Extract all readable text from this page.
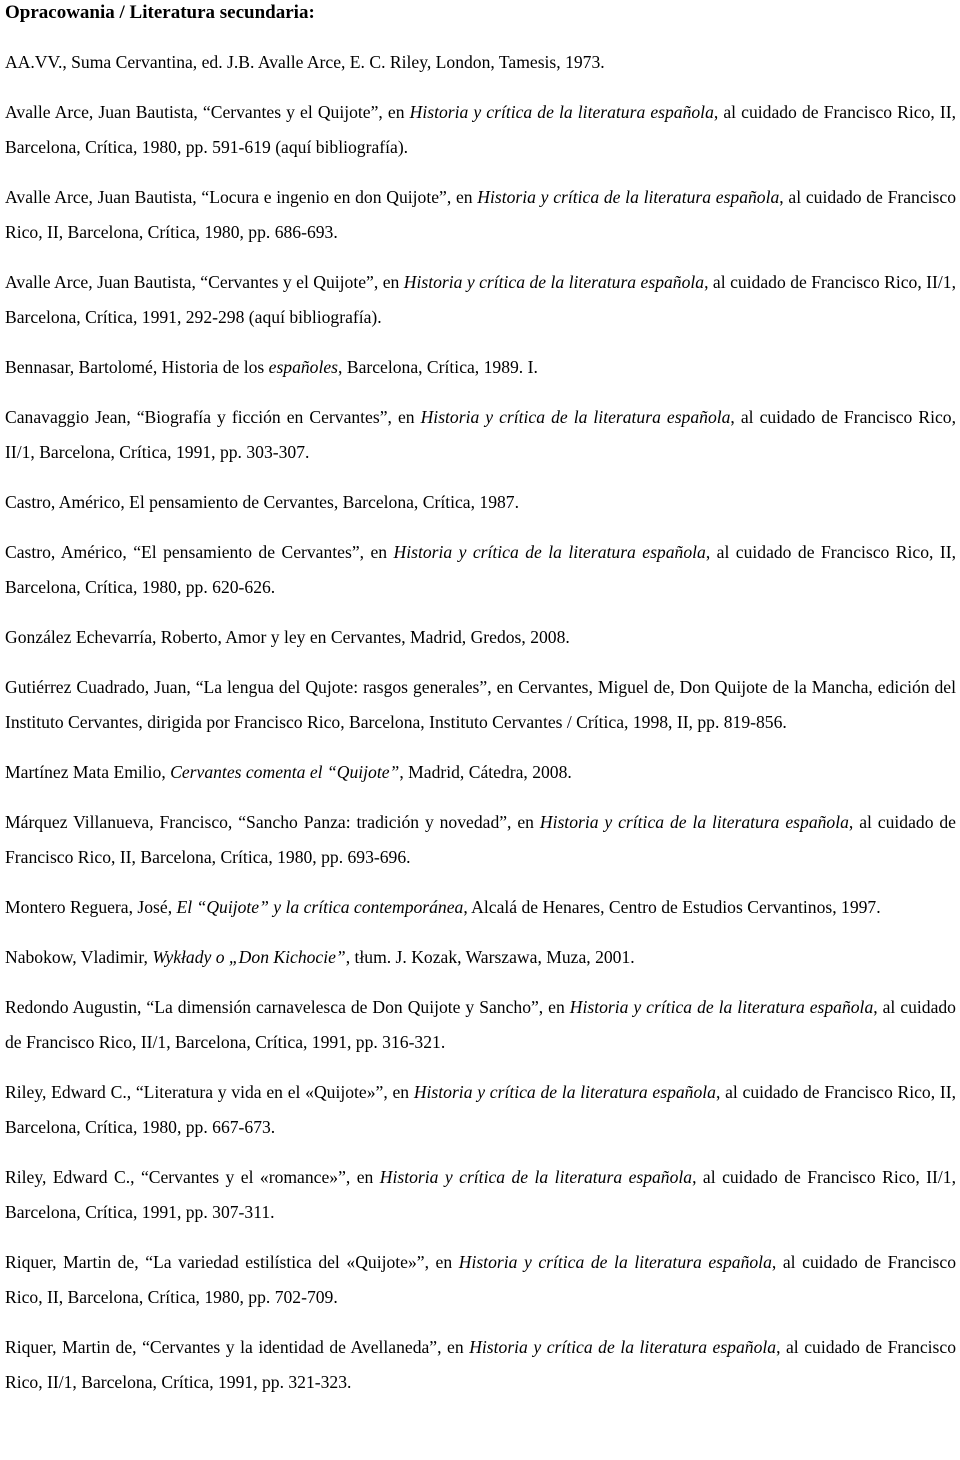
Opracowania / Literatura secundaria:

AA.VV., Suma Cervantina, ed. J.B. Avalle Arce, E. C. Riley, London, Tamesis, 1973.

Avalle Arce, Juan Bautista, “Cervantes y el Quijote”, en Historia y crítica de la literatura española, al cuidado de Francisco Rico, II, Barcelona, Crítica, 1980, pp. 591-619 (aquí bibliografía).

Avalle Arce, Juan Bautista, “Locura e ingenio en don Quijote”, en Historia y crítica de la literatura española, al cuidado de Francisco Rico, II, Barcelona, Crítica, 1980, pp. 686-693.

Avalle Arce, Juan Bautista, “Cervantes y el Quijote”, en Historia y crítica de la literatura española, al cuidado de Francisco Rico, II/1, Barcelona, Crítica, 1991, 292-298 (aquí bibliografía).

Bennasar, Bartolomé, Historia de los españoles, Barcelona, Crítica, 1989. I.

Canavaggio Jean, “Biografía y ficción en Cervantes”, en Historia y crítica de la literatura española, al cuidado de Francisco Rico, II/1, Barcelona, Crítica, 1991, pp. 303-307.

Castro, Américo, El pensamiento de Cervantes, Barcelona, Crítica, 1987.

Castro, Américo, “El pensamiento de Cervantes”, en Historia y crítica de la literatura española, al cuidado de Francisco Rico, II, Barcelona, Crítica, 1980, pp. 620-626.

González Echevarría, Roberto, Amor y ley en Cervantes, Madrid, Gredos, 2008.

Gutiérrez Cuadrado, Juan, “La lengua del Qujote: rasgos generales”, en Cervantes, Miguel de, Don Quijote de la Mancha, edición del Instituto Cervantes, dirigida por Francisco Rico, Barcelona, Instituto Cervantes / Crítica, 1998, II, pp. 819-856.

Martínez Mata Emilio, Cervantes comenta el “Quijote”, Madrid, Cátedra, 2008.

Márquez Villanueva, Francisco, “Sancho Panza: tradición y novedad”, en Historia y crítica de la literatura española, al cuidado de Francisco Rico, II, Barcelona, Crítica, 1980, pp. 693-696.

Montero Reguera, José, El “Quijote” y la crítica contemporánea, Alcalá de Henares, Centro de Estudios Cervantinos, 1997.

Nabokow, Vladimir, Wykłady o „Don Kichocie”, tłum. J. Kozak, Warszawa, Muza, 2001.

Redondo Augustin, “La dimensión carnavelesca de Don Quijote y Sancho”, en Historia y crítica de la literatura española, al cuidado de Francisco Rico, II/1, Barcelona, Crítica, 1991, pp. 316-321.

Riley, Edward C., “Literatura y vida en el «Quijote»”, en Historia y crítica de la literatura española, al cuidado de Francisco Rico, II, Barcelona, Crítica, 1980, pp. 667-673.

Riley, Edward C., “Cervantes y el «romance»”, en Historia y crítica de la literatura española, al cuidado de Francisco Rico, II/1, Barcelona, Crítica, 1991, pp. 307-311.

Riquer, Martin de, “La variedad estilística del «Quijote»”, en Historia y crítica de la literatura española, al cuidado de Francisco Rico, II, Barcelona, Crítica, 1980, pp. 702-709.

Riquer, Martin de, “Cervantes y la identidad de Avellaneda”, en Historia y crítica de la literatura española, al cuidado de Francisco Rico, II/1, Barcelona, Crítica, 1991, pp. 321-323.
